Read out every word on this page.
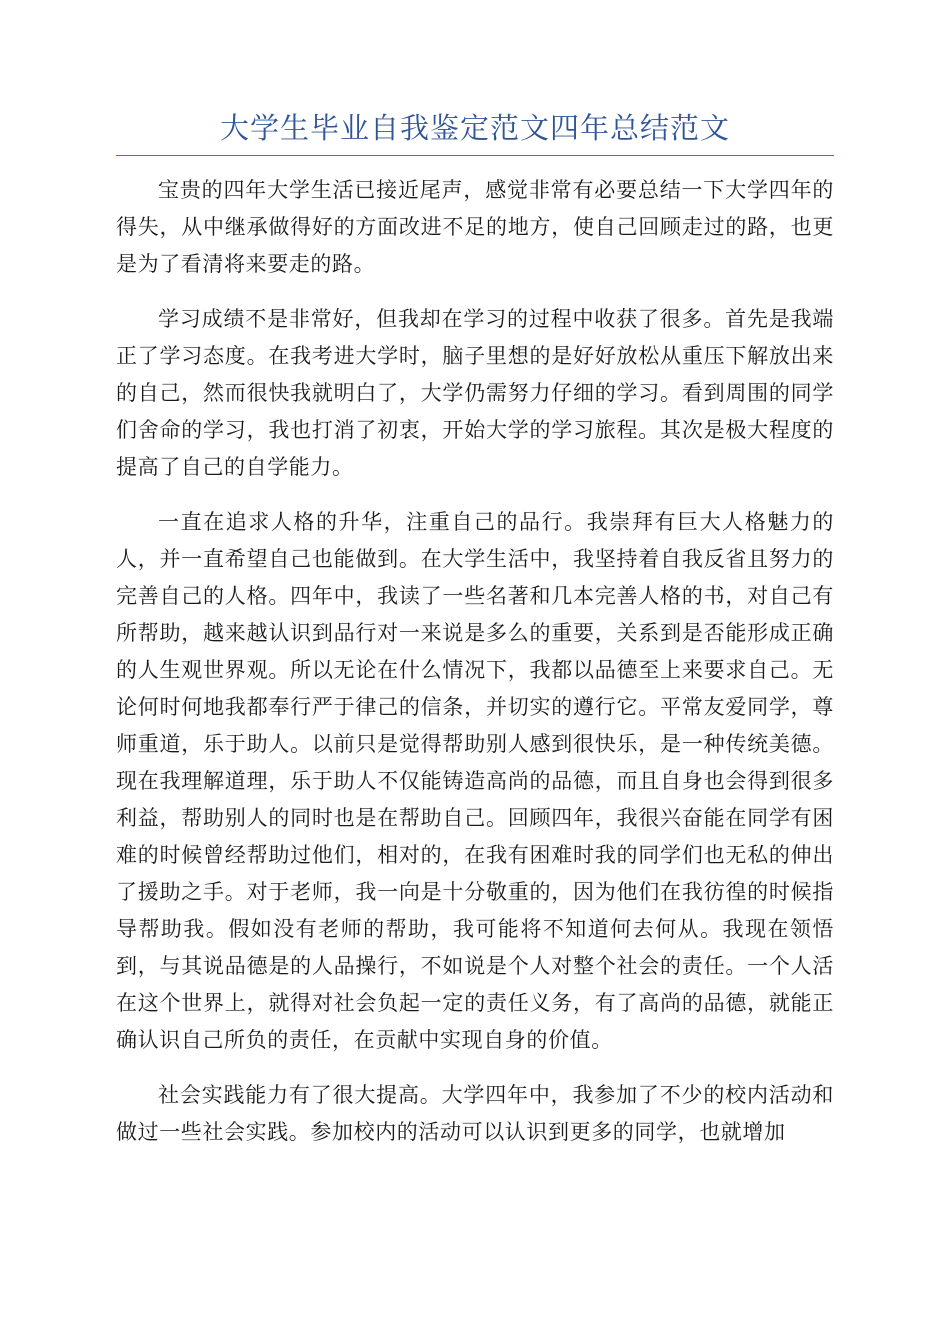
大学生毕业自我鉴定范文四年总结范文

宝贵的四年大学生活已接近尾声，感觉非常有必要总结一下大学四年的得失，从中继承做得好的方面改进不足的地方，使自己回顾走过的路，也更是为了看清将来要走的路。

学习成绩不是非常好，但我却在学习的过程中收获了很多。首先是我端正了学习态度。在我考进大学时，脑子里想的是好好放松从重压下解放出来的自己，然而很快我就明白了，大学仍需努力仔细的学习。看到周围的同学们舍命的学习，我也打消了初衷，开始大学的学习旅程。其次是极大程度的提高了自己的自学能力。

一直在追求人格的升华，注重自己的品行。我崇拜有巨大人格魅力的人，并一直希望自己也能做到。在大学生活中，我坚持着自我反省且努力的完善自己的人格。四年中，我读了一些名著和几本完善人格的书，对自己有所帮助，越来越认识到品行对一来说是多么的重要，关系到是否能形成正确的人生观世界观。所以无论在什么情况下，我都以品德至上来要求自己。无论何时何地我都奉行严于律己的信条，并切实的遵行它。平常友爱同学，尊师重道，乐于助人。以前只是觉得帮助别人感到很快乐，是一种传统美德。现在我理解道理，乐于助人不仅能铸造高尚的品德，而且自身也会得到很多利益，帮助别人的同时也是在帮助自己。回顾四年，我很兴奋能在同学有困难的时候曾经帮助过他们，相对的，在我有困难时我的同学们也无私的伸出了援助之手。对于老师，我一向是十分敬重的，因为他们在我彷徨的时候指导帮助我。假如没有老师的帮助，我可能将不知道何去何从。我现在领悟到，与其说品德是的人品操行，不如说是个人对整个社会的责任。一个人活在这个世界上，就得对社会负起一定的责任义务，有了高尚的品德，就能正确认识自己所负的责任，在贡献中实现自身的价值。

社会实践能力有了很大提高。大学四年中，我参加了不少的校内活动和做过一些社会实践。参加校内的活动可以认识到更多的同学，也就增加
